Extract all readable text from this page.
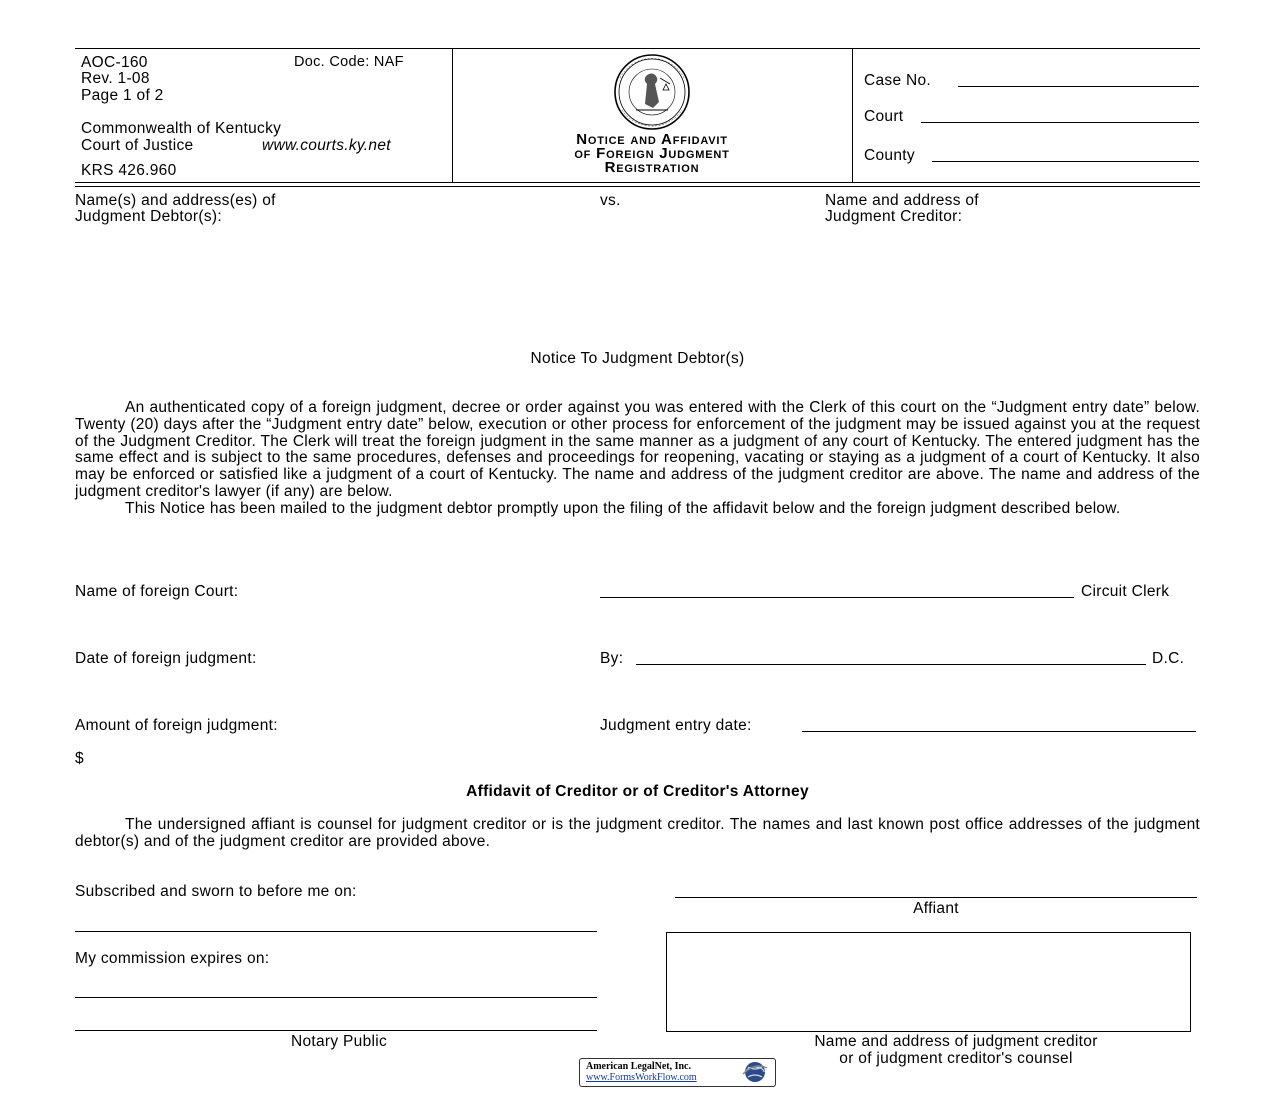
AOC-160	Doc. Code: NAF
Rev. 1-08
Page 1 of 2
Commonwealth of Kentucky
Court of Justice	www.courts.ky.net
KRS 426.960
Notice and Affidavit
of Foreign Judgment
Registration
Case No.
Court
County
Name(s) and address(es) of
Judgment Debtor(s):
vs.	Name and address of
Judgment Creditor:
Notice To Judgment Debtor(s)

An authenticated copy of a foreign judgment, decree or order against you was entered with the Clerk of this court on the “Judgment entry date” below. Twenty (20) days after the “Judgment entry date” below, execution or other process for enforcement of the judgment may be issued against you at the request of the Judgment Creditor. The Clerk will treat the foreign judgment in the same manner as a judgment of any court of Kentucky. The entered judgment has the same effect and is subject to the same procedures, defenses and proceedings for reopening, vacating or staying as a judgment of a court of Kentucky. It also may be enforced or satisfied like a judgment of a court of Kentucky. The name and address of the judgment creditor are above. The name and address of the judgment creditor's lawyer (if any) are below.

This Notice has been mailed to the judgment debtor promptly upon the filing of the affidavit below and the foreign judgment described below.

Name of foreign Court:	Circuit Clerk
Date of foreign judgment:	By:	D.C.
Amount of foreign judgment:	Judgment entry date:
$
Affidavit of Creditor or of Creditor's Attorney

The undersigned affiant is counsel for judgment creditor or is the judgment creditor. The names and last known post office addresses of the judgment debtor(s) and of the judgment creditor are provided above.

Subscribed and sworn to before me on:
Affiant
My commission expires on:
Notary Public	Name and address of judgment creditor
or of judgment creditor's counsel
American LegalNet, Inc.
www.FormsWorkFlow.com
